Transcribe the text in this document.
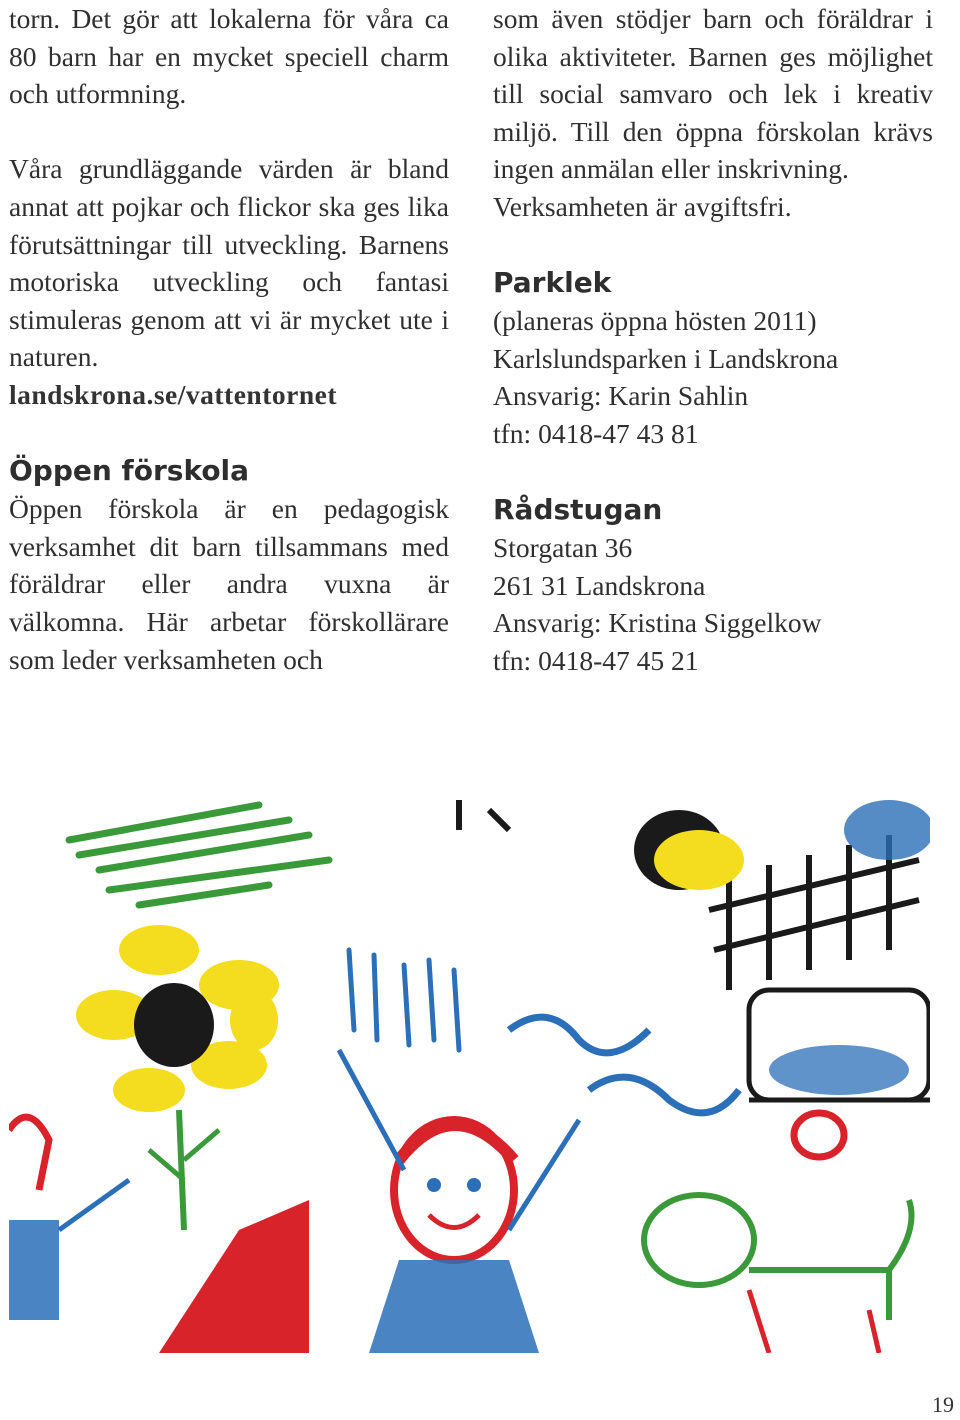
torn. Det gör att lokalerna för våra ca 80 barn har en mycket speciell charm och utformning.

Våra grundläggande värden är bland annat att pojkar och flickor ska ges lika förutsättningar till utveckling. Barnens motoriska utveckling och fantasi stimuleras genom att vi är mycket ute i naturen.

landskrona.se/vattentornet

Öppen förskola

Öppen förskola är en pedagogisk verksamhet dit barn tillsammans med föräldrar eller andra vuxna är välkomna. Här arbetar förskollärare som leder verksamheten och

som även stödjer barn och föräldrar i olika aktiviteter. Barnen ges möjlighet till social samvaro och lek i kreativ miljö. Till den öppna förskolan krävs ingen anmälan eller inskrivning.

Verksamheten är avgiftsfri.

Parklek

(planeras öppna hösten 2011)

Karlslundsparken i Landskrona

Ansvarig: Karin Sahlin

tfn: 0418-47 43 81

Rådstugan

Storgatan 36

261 31 Landskrona

Ansvarig: Kristina Siggelkow

tfn: 0418-47 45 21

19
